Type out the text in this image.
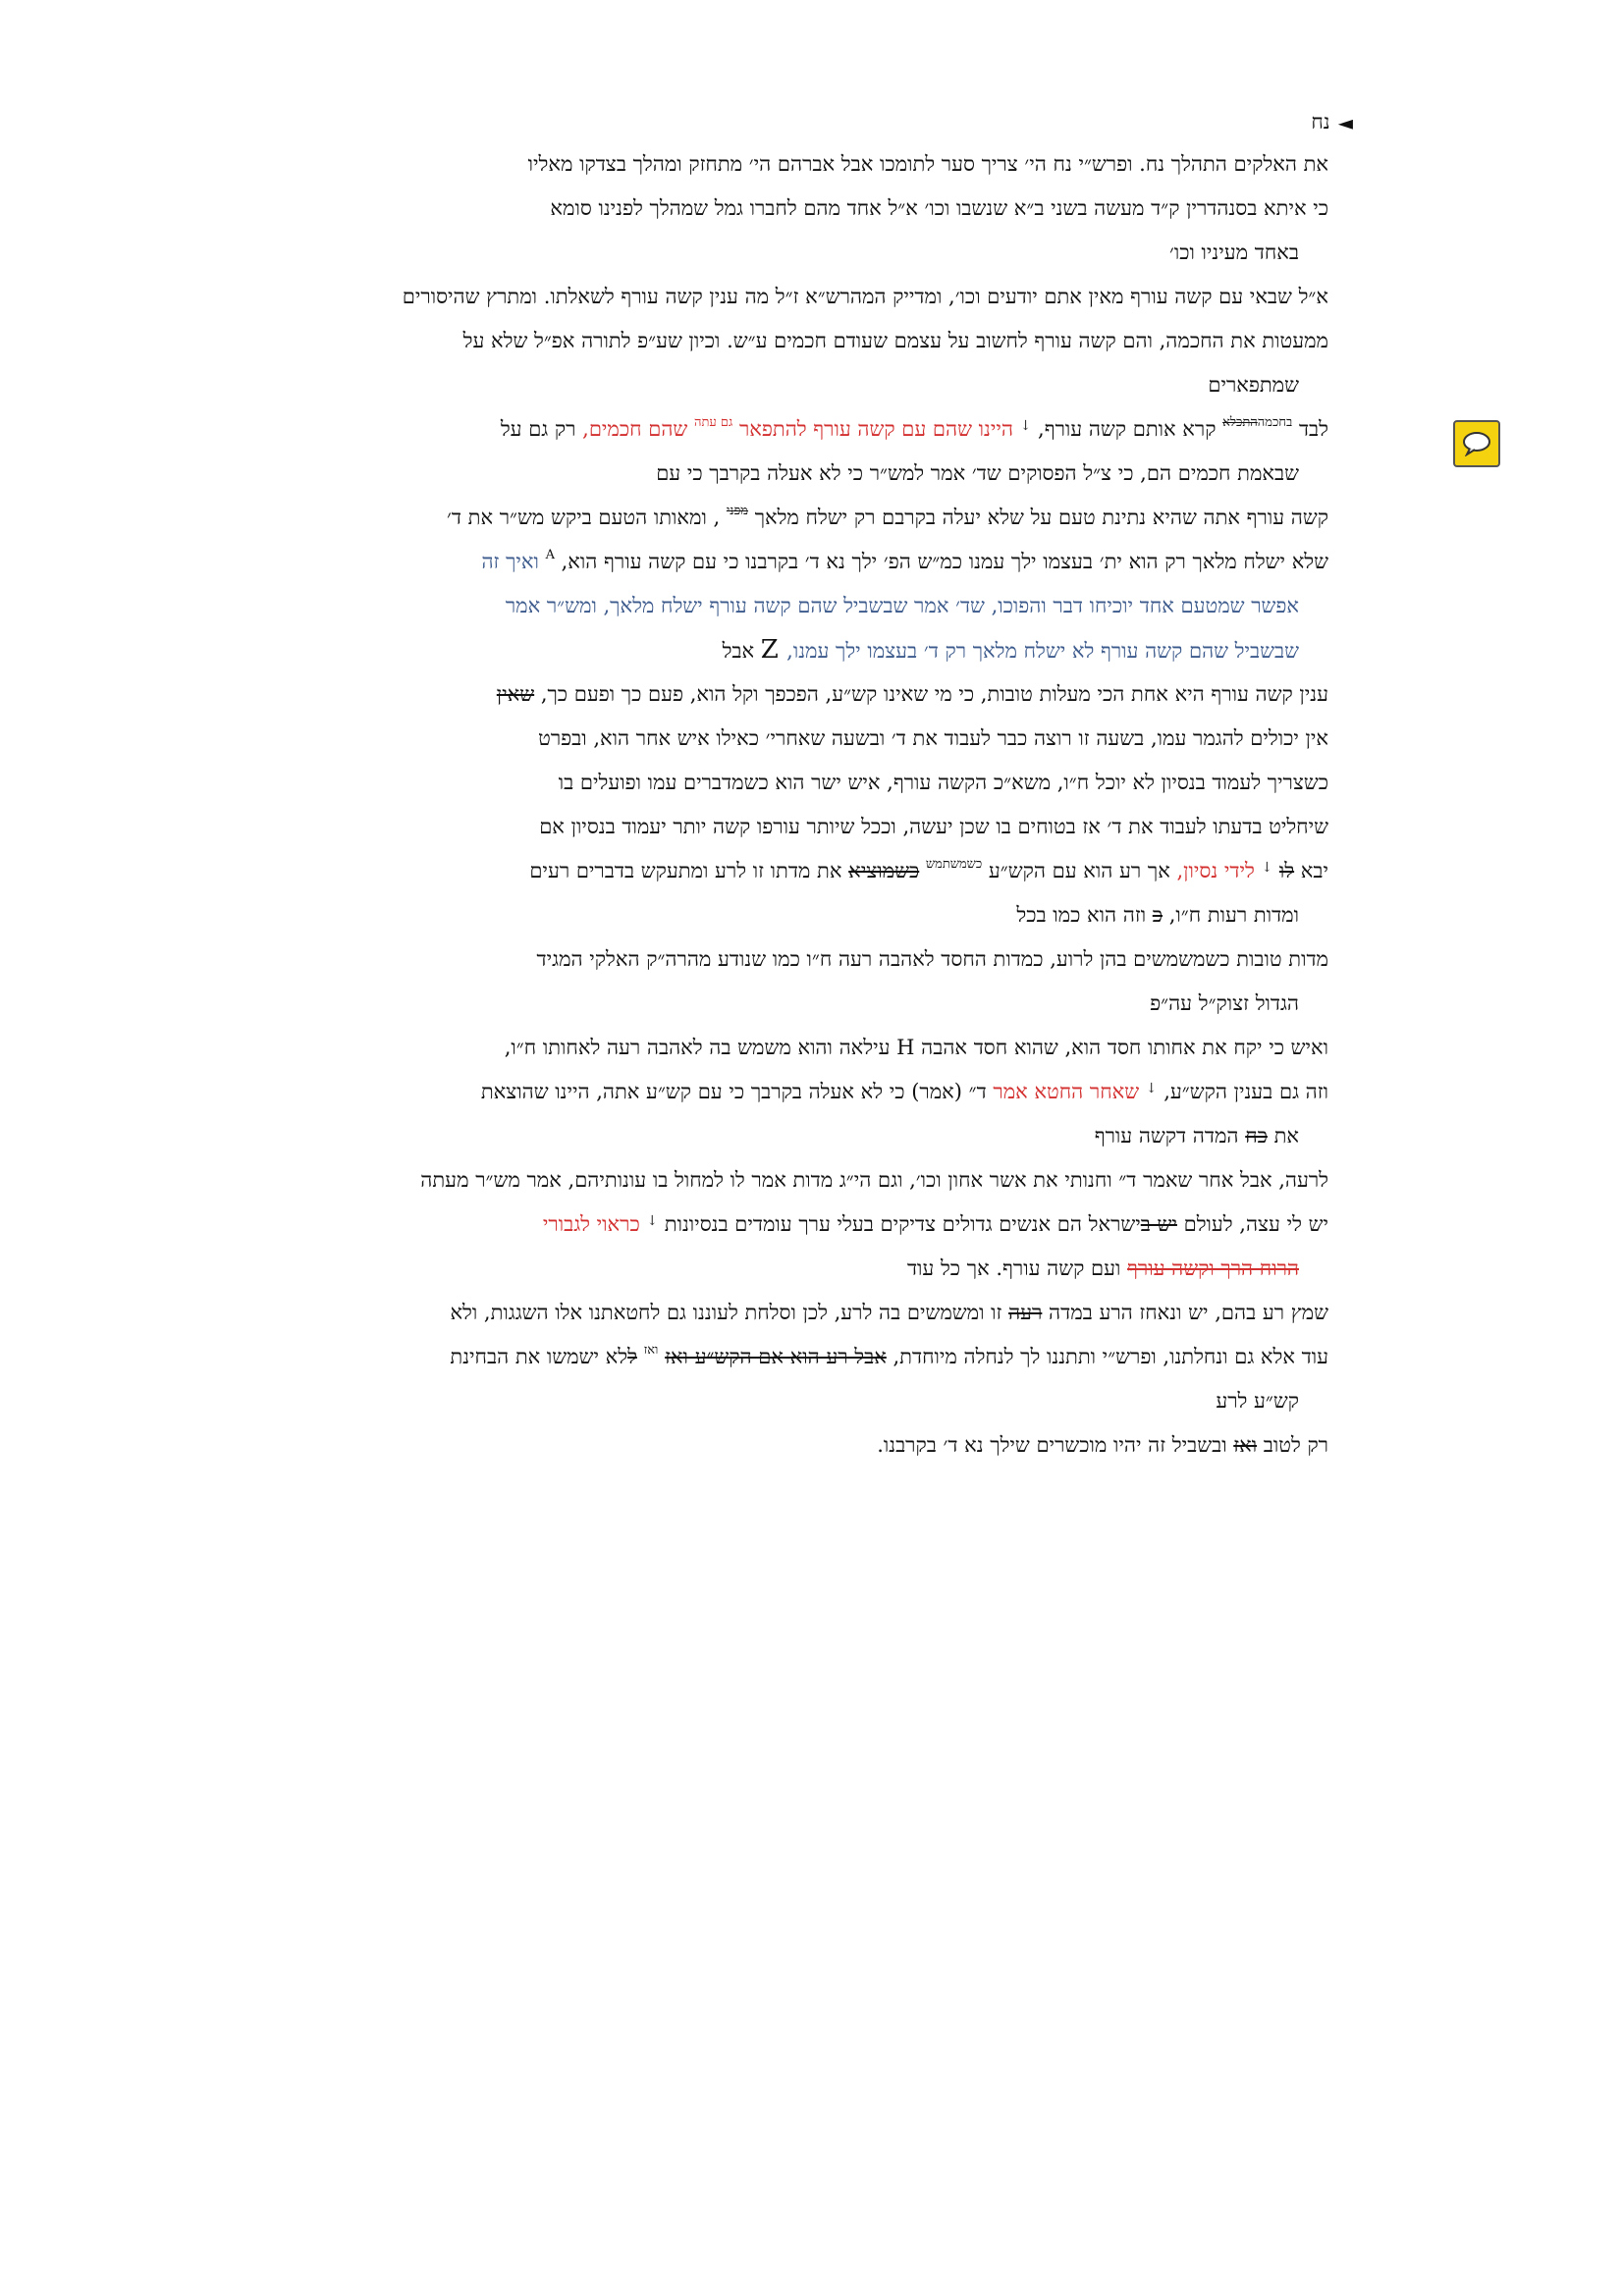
◄
נח
את האלקים התהלך נח. ופרש״י נח הי׳ צריך סער לתומכו אבל אברהם הי׳ מתחזק ומהלך בצדקו מאליו
כי איתא בסנהדרין ק״ד מעשה בשני ב״א שנשבו וכו׳ א״ל אחד מהם לחברו גמל שמהלך לפנינו סומא
באחד מעיניו וכו׳
א״ל שבאי עם קשה עורף מאין אתם יודעים וכו׳, ומדייק המהרש״א ז״ל מה ענין קשה עורף לשאלתו. ומתרץ שהיסורים
ממעטות את החכמה, והם קשה עורף לחשוב על עצמם שעודם חכמים ע״ש. וכיון שע״פ לתורה אפ״ל שלא על
שמתפארים
לבד $^{בחכמההתכלא}$ קרא אותם קשה עורף, ↓ היינו שהם עם קשה עורף להתפאר $^{גם עתה}$ שהם חכמים, רק גם על
שבאמת חכמים הם, כי צ״ל הפסוקים שד׳ אמר למש״ר כי לא אעלה בקרבך כי עם
קשה עורף אתה שהיא נתינת טעם על שלא יעלה בקרבם רק ישלח מלאך $^{מפני}$ , ומאותו הטעם ביקש מש״ר את ד׳
שלא ישלח מלאך רק הוא ית׳ בעצמו ילך עמנו כמ״ש הפ׳ ילך נא ד׳ בקרבנו כי עם קשה עורף הוא, $^A$ ואיך זה
אפשר שמטעם אחד יוכיחו דבר והפוכו, שד׳ אמר שבשביל שהם קשה עורף ישלח מלאך, ומש״ר אמר
שבשביל שהם קשה עורף לא ישלח מלאך רק ד׳ בעצמו ילך עמנו, Z אבל
ענין קשה עורף היא אחת הכי מעלות טובות, כי מי שאינו קש״ע, הפכפך וקל הוא, פעם כך ופעם כך, שאין
אין יכולים להגמר עמו, בשעה זו רוצה כבר לעבוד את ד׳ ובשעה שאחרי׳ כאילו איש אחר הוא, ובפרט
כשצריך לעמוד בנסיון לא יוכל ח״ו, משא״כ הקשה עורף, איש ישר הוא כשמדברים עמו ופועלים בו
שיחליט בדעתו לעבוד את ד׳ אז בטוחים בו שכן יעשה, וככל שיותר עורפו קשה יותר יעמוד בנסיון אם
יבא לו ↓ לידי נסיון, אך רע הוא עם הקש״ע $^{כשמשתמש}$ כשמוציא את מדתו זו לרע ומתעקש בדברים רעים
ומדות רעות ח״ו, כ וזה הוא כמו בכל
מדות טובות כשמשמשים בהן לרוע, כמדות החסד לאהבה רעה ח״ו כמו שנודע מהרה״ק האלקי המגיד
הגדול זצוק״ל עה״פ
ואיש כי יקח את אחותו חסד הוא, שהוא חסד אהבה H עילאה והוא משמש בה לאהבה רעה לאחותו ח״ו,
וזה גם בענין הקש״ע, ↓ שאחר החטא אמר ד״ (אמר) כי לא אעלה בקרבך כי עם קש״ע אתה, היינו שהוצאת
את כח המדה דקשה עורף
לרעה, אבל אחר שאמר ד״ וחנותי את אשר אחון וכו׳, וגם הי״ג מדות אמר לו למחול בו עונותיהם, אמר מש״ר מעתה
יש לי עצה, לעולם יש בישראל הם אנשים גדולים צדיקים בעלי ערך עומדים בנסיונות ↓ כראוי לגבורי
הרוח הרך וקשה עורף ועם קשה עורף. אך כל עוד
שמץ רע בהם, יש ונאחז הרע במדה רעה זו ומשמשים בה לרע, לכן וסלחת לעוננו גם לחטאתנו אלו השגגות, ולא
עוד אלא גם ונחלתנו, ופרש״י ותתננו לך לנחלה מיוחדת, אבל רע הוא אם הקש״ע ואז $^{ואז}$ ללא ישמשו את הבחינת
קש״ע לרע
רק לטוב ואז ובשביל זה יהיו מוכשרים שילך נא ד׳ בקרבנו.
